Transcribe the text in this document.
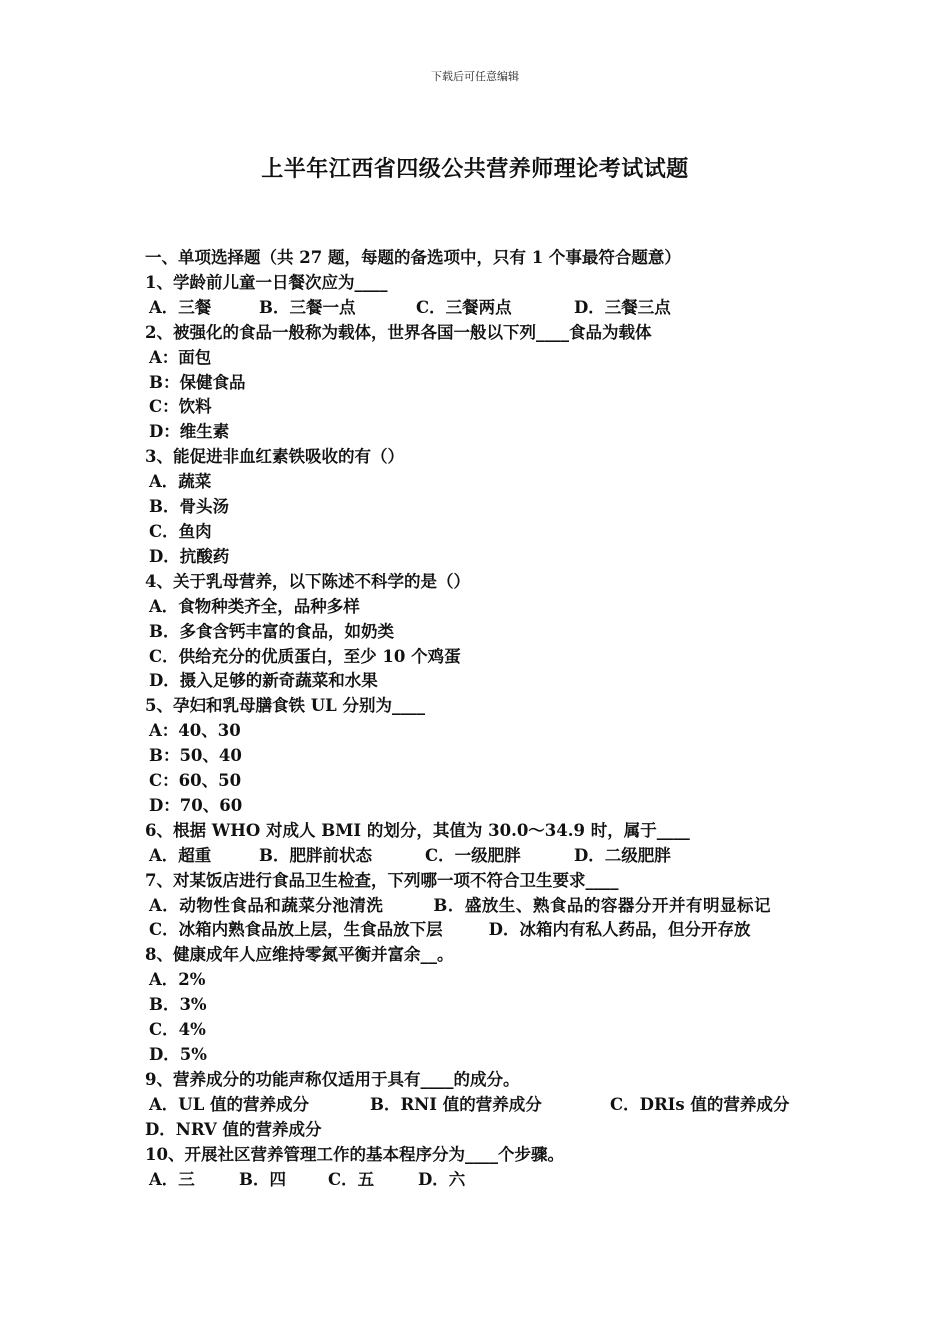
下载后可任意编辑
上半年江西省四级公共营养师理论考试试题
一、单项选择题（共 27 题，每题的备选项中，只有 1 个事最符合题意）
1、学龄前儿童一日餐次应为____
A．三餐	B．三餐一点	C．三餐两点	D．三餐三点
2、被强化的食品一般称为载体，世界各国一般以下列____食品为载体
A：面包
B：保健食品
C：饮料
D：维生素
3、能促进非血红素铁吸收的有（）
A．蔬菜
B．骨头汤
C．鱼肉
D．抗酸药
4、关于乳母营养，以下陈述不科学的是（）
A．食物种类齐全，品种多样
B．多食含钙丰富的食品，如奶类
C．供给充分的优质蛋白，至少 10 个鸡蛋
D．摄入足够的新奇蔬菜和水果
5、孕妇和乳母膳食铁 UL 分别为____
A：40、30
B：50、40
C：60、50
D：70、60
6、根据 WHO 对成人 BMI 的划分，其值为 30.0～34.9 时，属于____
A．超重	B．肥胖前状态	C．一级肥胖	D．二级肥胖
7、对某饭店进行食品卫生检查，下列哪一项不符合卫生要求____
A．动物性食品和蔬菜分池清洗	B．盛放生、熟食品的容器分开并有明显标记C．冰箱内熟食品放上层，生食品放下层	D．冰箱内有私人药品，但分开存放
8、健康成年人应维持零氮平衡并富余__。
A．2%
B．3%
C．4%
D．5%
9、营养成分的功能声称仅适用于具有____的成分。
A．UL 值的营养成分	B．RNI 值的营养成分	C．DRIs 值的营养成分
D．NRV 值的营养成分
10、开展社区营养管理工作的基本程序分为____个步骤。
A．三	B．四	C．五	D．六
